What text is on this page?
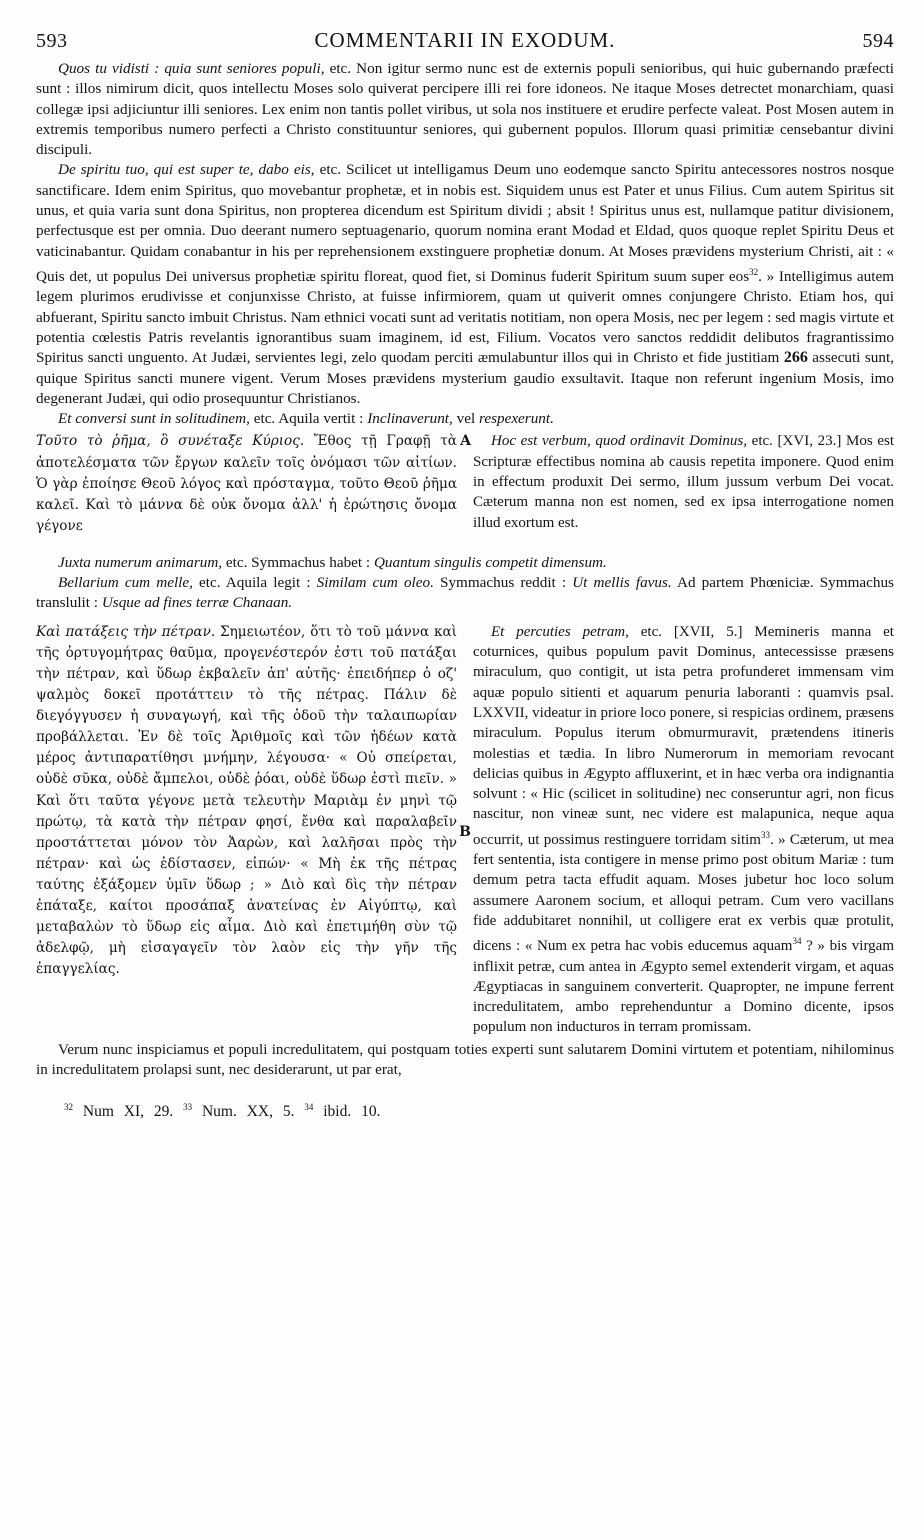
593	COMMENTARII IN EXODUM.	594

Quos tu vidisti : quia sunt seniores populi, etc. Non igitur sermo nunc est de externis populi senioribus, qui huic gubernando præfecti sunt : illos nimirum dicit, quos intellectu Moses solo quiverat percipere illi rei fore idoneos. Ne itaque Moses detrectet monarchiam, quasi collegæ ipsi adjiciuntur illi seniores. Lex enim non tantis pollet viribus, ut sola nos instituere et erudire perfecte valeat. Post Mosen autem in extremis temporibus numero perfecti a Christo constituuntur seniores, qui gubernent populos. Illorum quasi primitiæ censebantur divini discipuli.

De spiritu tuo, qui est super te, dabo eis, etc. Scilicet ut intelligamus Deum uno eodemque sancto Spiritu antecessores nostros nosque sanctificare. Idem enim Spiritus, quo movebantur prophetæ, et in nobis est. Siquidem unus est Pater et unus Filius. Cum autem Spiritus sit unus, et quia varia sunt dona Spiritus, non propterea dicendum est Spiritum dividi ; absit ! Spiritus unus est, nullamque patitur divisionem, perfectusque est per omnia. Duo deerant numero septuagenario, quorum nomina erant Modad et Eldad, quos quoque replet Spiritu Deus et vaticinabantur. Quidam conabantur in his per reprehensionem exstinguere prophetiæ donum. At Moses prævidens mysterium Christi, ait : « Quis det, ut populus Dei universus prophetiæ spiritu floreat, quod fiet, si Dominus fuderit Spiritum suum super eos$^{32}$. » Intelligimus autem legem plurimos erudivisse et conjunxisse Christo, at fuisse infirmiorem, quam ut quiverit omnes conjungere Christo. Etiam hos, qui abfuerant, Spiritu sancto imbuit Christus. Nam ethnici vocati sunt ad veritatis notitiam, non opera Mosis, nec per legem : sed magis virtute et potentia cœlestis Patris revelantis ignorantibus suam imaginem, id est, Filium. Vocatos vero sanctos reddidit delibutos fragrantissimo Spiritus sancti unguento. At Judæi, servientes legi, zelo quodam perciti æmulabuntur illos qui in Christo et fide justitiam 266 assecuti sunt, quique Spiritus sancti munere vigent. Verum Moses prævidens mysterium gaudio exsultavit. Itaque non referunt ingenium Mosis, imo degenerant Judæi, qui odio prosequuntur Christianos.

Et conversi sunt in solitudinem, etc. Aquila vertit : Inclinaverunt, vel respexerunt.

Τοῦτο τὸ ῥῆμα, ὃ συνέταξε Κύριος. Ἔθος τῇ Γραφῇ τὰ ἀποτελέσματα τῶν ἔργων καλεῖν τοῖς ὀνόμασι τῶν αἰτίων. Ὁ γὰρ ἐποίησε Θεοῦ λόγος καὶ πρόσταγμα, τοῦτο Θεοῦ ῥῆμα καλεῖ. Καὶ τὸ μάννα δὲ οὐκ ὄνομα ἀλλ' ἡ ἐρώτησις ὄνομα γέγονε
A	Hoc est verbum, quod ordinavit Dominus, etc. [XVI, 23.] Mos est Scripturæ effectibus nomina ab causis repetita imponere. Quod enim in effectum produxit Dei sermo, illum jussum verbum Dei vocat. Cæterum manna non est nomen, sed ex ipsa interrogatione nomen illud exortum est.

Juxta numerum animarum, etc. Symmachus habet : Quantum singulis competit dimensum.

Bellarium cum melle, etc. Aquila legit : Similam cum oleo. Symmachus reddit : Ut mellis favus. Ad partem Phœniciæ. Symmachus translulit : Usque ad fines terræ Chanaan.

Καὶ πατάξεις τὴν πέτραν. Σημειωτέον, ὅτι τὸ τοῦ μάννα καὶ τῆς ὀρτυγομήτρας θαῦμα, προγενέστερόν ἐστι τοῦ πατάξαι τὴν πέτραν, καὶ ὕδωρ ἐκβαλεῖν ἀπ' αὐτῆς· ἐπειδήπερ ὁ οζ' ψαλμὸς δοκεῖ προτάττειν τὸ τῆς πέτρας. Πάλιν δὲ διεγόγγυσεν ἡ συναγωγή, καὶ τῆς ὁδοῦ τὴν ταλαιπωρίαν προβάλλεται. Ἐν δὲ τοῖς Ἀριθμοῖς καὶ τῶν ἡδέων κατὰ μέρος ἀντιπαρατίθησι μνήμην, λέγουσα· « Οὐ σπείρεται, οὐδὲ σῦκα, οὐδὲ ἄμπελοι, οὐδὲ ῥόαι, οὐδὲ ὕδωρ ἐστὶ πιεῖν. » Καὶ ὅτι ταῦτα γέγονε μετὰ τελευτὴν Μαριὰμ ἐν μηνὶ τῷ πρώτῳ, τὰ κατὰ τὴν πέτραν φησί, ἔνθα καὶ παραλαβεῖν προστάττεται μόνον τὸν Ἀαρὼν, καὶ λαλῆσαι πρὸς τὴν πέτραν· καὶ ὡς ἐδίστασεν, εἰπών· « Μὴ ἐκ τῆς πέτρας ταύτης ἐξάξομεν ὑμῖν ὕδωρ ; » Διὸ καὶ δὶς τὴν πέτραν ἐπάταξε, καίτοι προσάπαξ ἀνατείνας ἐν Αἰγύπτῳ, καὶ μεταβαλὼν τὸ ὕδωρ εἰς αἷμα. Διὸ καὶ ἐπετιμήθη σὺν τῷ ἀδελφῷ, μὴ εἰσαγαγεῖν τὸν λαὸν εἰς τὴν γῆν τῆς ἐπαγγελίας.
B

Et percuties petram, etc. [XVII, 5.] Memineris manna et coturnices, quibus populum pavit Dominus, antecessisse præsens miraculum, quo contigit, ut ista petra profunderet immensam vim aquæ populo sitienti et aquarum penuria laboranti : quamvis psal. LXXVII, videatur in priore loco ponere, si respicias ordinem, præsens miraculum. Populus iterum obmurmuravit, prætendens itineris molestias et tædia. In libro Numerorum in memoriam revocant delicias quibus in Ægypto affluxerint, et in hæc verba ora indignantia solvunt : « Hic (scilicet in solitudine) nec conseruntur agri, non ficus nascitur, non vineæ sunt, nec videre est malapunica, neque aqua occurrit, ut possimus restinguere torridam sitim$^{33}$. » Cæterum, ut mea fert sententia, ista contigere in mense primo post obitum Mariæ : tum demum petra tacta effudit aquam. Moses jubetur hoc loco solum assumere Aaronem socium, et alloqui petram. Cum vero vacillans fide addubitaret nonnihil, ut colligere erat ex verbis quæ protulit, dicens : « Num ex petra hac vobis educemus aquam$^{34}$ ? » bis virgam inflixit petræ, cum antea in Ægypto semel extenderit virgam, et aquas Ægyptiacas in sanguinem converterit. Quapropter, ne impune ferrent incredulitatem, ambo reprehenduntur a Domino dicente, ipsos populum non inducturos in terram promissam.

Verum nunc inspiciamus et populi incredulitatem, qui postquam toties experti sunt salutarem Domini virtutem et potentiam, nihilominus in incredulitatem prolapsi sunt, nec desiderarunt, ut par erat,

$^{32}$ Num XI, 29. $^{33}$ Num. XX, 5. $^{34}$ ibid. 10.
